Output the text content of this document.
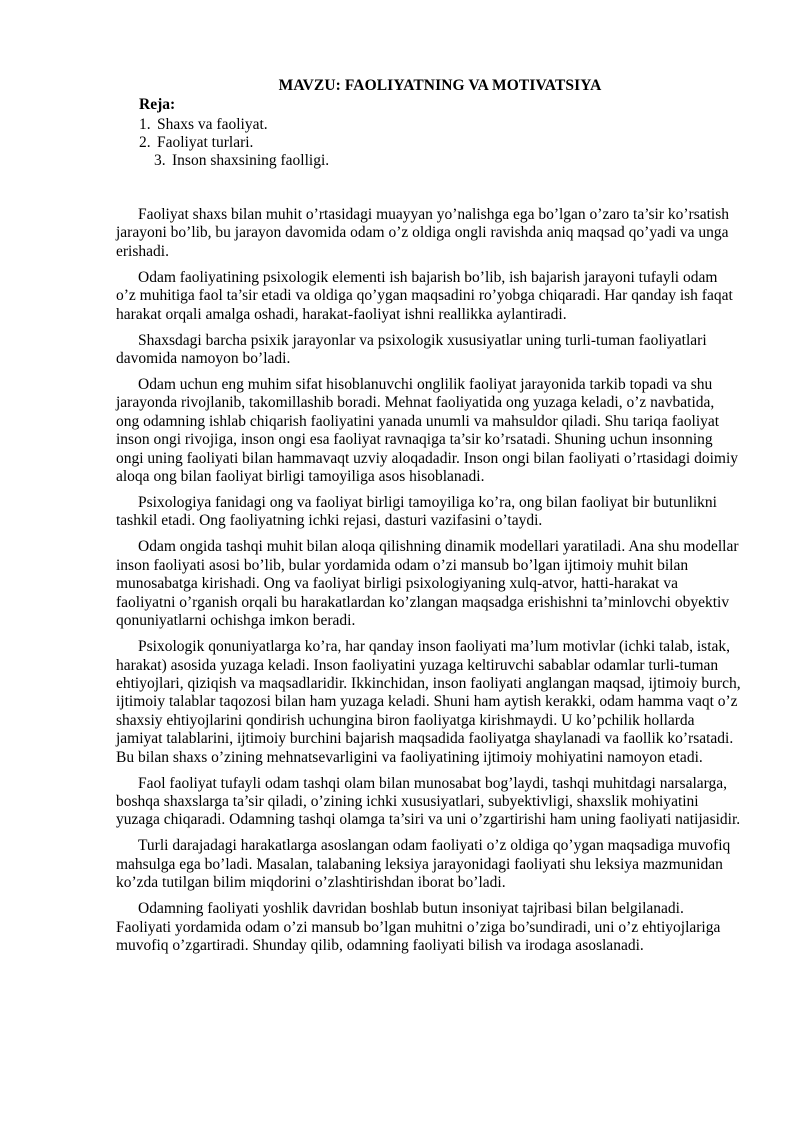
MAVZU: FAOLIYATNING VA MOTIVATSIYA
Reja:
1. Shaxs va faoliyat.
2. Faoliyat turlari.
3. Inson shaxsining faolligi.

Faoliyat shaxs bilan muhit o’rtasidagi muayyan yo’nalishga ega bo’lgan o’zaro ta’sir ko’rsatish jarayoni bo’lib, bu jarayon davomida odam o’z oldiga ongli ravishda aniq maqsad qo’yadi va unga erishadi.

Odam faoliyatining psixologik elementi ish bajarish bo’lib, ish bajarish jarayoni tufayli odam o’z muhitiga faol ta’sir etadi va oldiga qo’ygan maqsadini ro’yobga chiqaradi. Har qanday ish faqat harakat orqali amalga oshadi, harakat-faoliyat ishni reallikka aylantiradi.

Shaxsdagi barcha psixik jarayonlar va psixologik xususiyatlar uning turli-tuman faoliyatlari davomida namoyon bo’ladi.

Odam uchun eng muhim sifat hisoblanuvchi onglilik faoliyat jarayonida tarkib topadi va shu jarayonda rivojlanib, takomillashib boradi. Mehnat faoliyatida ong yuzaga keladi, o’z navbatida, ong odamning ishlab chiqarish faoliyatini yanada unumli va mahsuldor qiladi. Shu tariqa faoliyat inson ongi rivojiga, inson ongi esa faoliyat ravnaqiga ta’sir ko’rsatadi. Shuning uchun insonning ongi uning faoliyati bilan hammavaqt uzviy aloqadadir. Inson ongi bilan faoliyati o’rtasidagi doimiy aloqa ong bilan faoliyat birligi tamoyiliga asos hisoblanadi.

Psixologiya fanidagi ong va faoliyat birligi tamoyiliga ko’ra, ong bilan faoliyat bir butunlikni tashkil etadi. Ong faoliyatning ichki rejasi, dasturi vazifasini o’taydi.

Odam ongida tashqi muhit bilan aloqa qilishning dinamik modellari yaratiladi. Ana shu modellar inson faoliyati asosi bo’lib, bular yordamida odam o’zi mansub bo’lgan ijtimoiy muhit bilan munosabatga kirishadi. Ong va faoliyat birligi psixologiyaning xulq-atvor, hatti-harakat va faoliyatni o’rganish orqali bu harakatlardan ko’zlangan maqsadga erishishni ta’minlovchi obyektiv qonuniyatlarni ochishga imkon beradi.

Psixologik qonuniyatlarga ko’ra, har qanday inson faoliyati ma’lum motivlar (ichki talab, istak, harakat) asosida yuzaga keladi. Inson faoliyatini yuzaga keltiruvchi sabablar odamlar turli-tuman ehtiyojlari, qiziqish va maqsadlaridir. Ikkinchidan, inson faoliyati anglangan maqsad, ijtimoiy burch, ijtimoiy talablar taqozosi bilan ham yuzaga keladi. Shuni ham aytish kerakki, odam hamma vaqt o’z shaxsiy ehtiyojlarini qondirish uchungina biron faoliyatga kirishmaydi. U ko’pchilik hollarda jamiyat talablarini, ijtimoiy burchini bajarish maqsadida faoliyatga shaylanadi va faollik ko’rsatadi. Bu bilan shaxs o’zining mehnatsevarligini va faoliyatining ijtimoiy mohiyatini namoyon etadi.

Faol faoliyat tufayli odam tashqi olam bilan munosabat bog’laydi, tashqi muhitdagi narsalarga, boshqa shaxslarga ta’sir qiladi, o’zining ichki xususiyatlari, subyektivligi, shaxslik mohiyatini yuzaga chiqaradi. Odamning tashqi olamga ta’siri va uni o’zgartirishi ham uning faoliyati natijasidir.

Turli darajadagi harakatlarga asoslangan odam faoliyati o’z oldiga qo’ygan maqsadiga muvofiq mahsulga ega bo’ladi. Masalan, talabaning leksiya jarayonidagi faoliyati shu leksiya mazmunidan ko’zda tutilgan bilim miqdorini o’zlashtirishdan iborat bo’ladi.

Odamning faoliyati yoshlik davridan boshlab butun insoniyat tajribasi bilan belgilanadi. Faoliyati yordamida odam o’zi mansub bo’lgan muhitni o’ziga bo’sundiradi, uni o’z ehtiyojlariga muvofiq o’zgartiradi. Shunday qilib, odamning faoliyati bilish va irodaga asoslanadi.
